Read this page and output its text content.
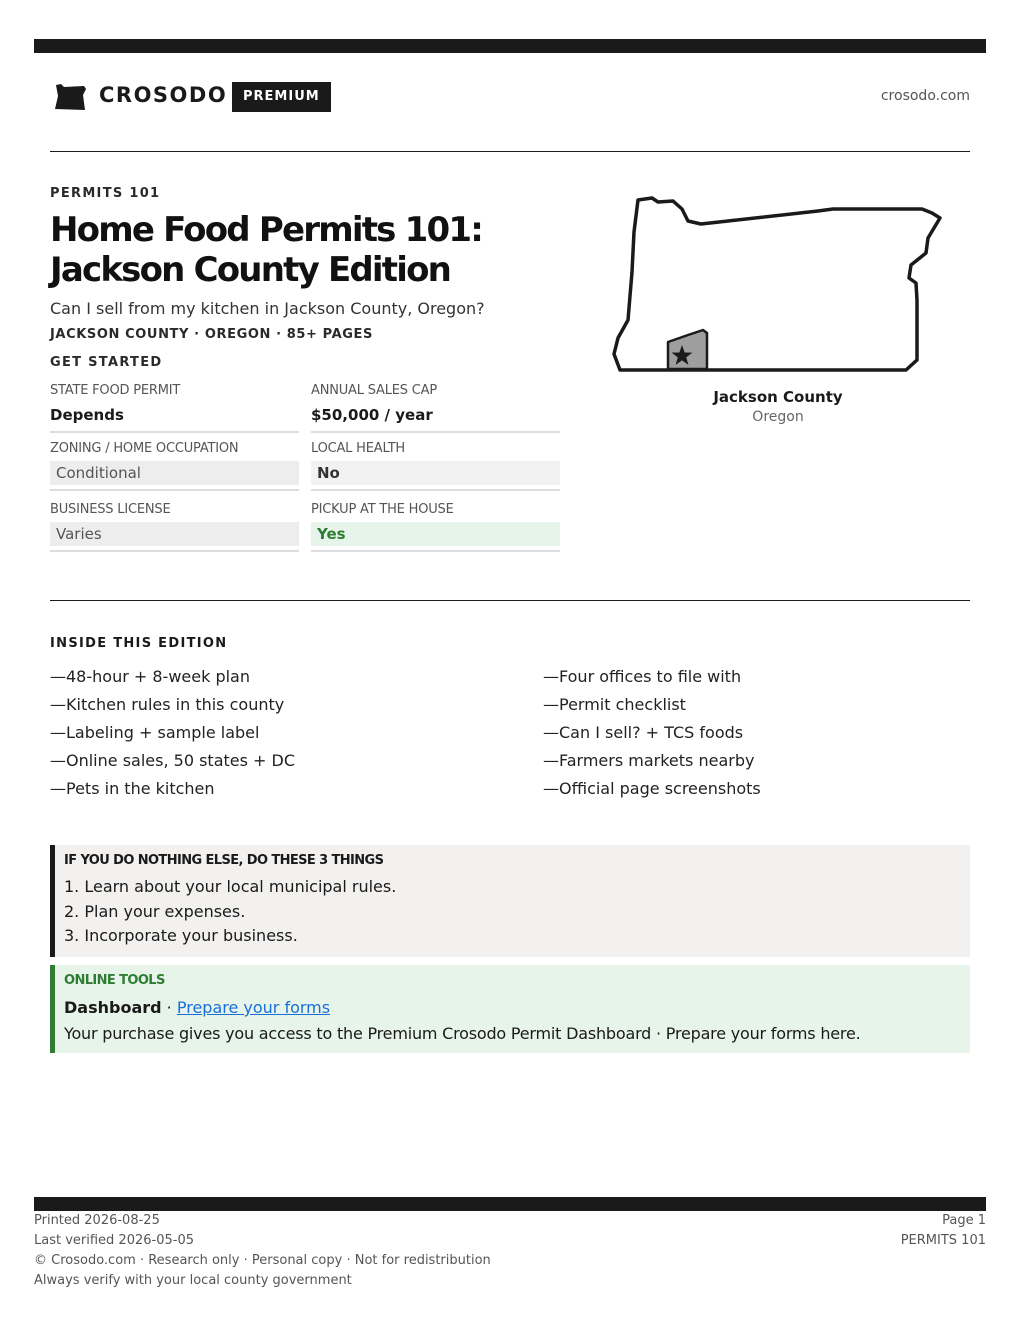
CROSODO	PREMIUM	crosodo.com
PERMITS 101
Home Food Permits 101: Jackson County Edition
Can I sell from my kitchen in Jackson County, Oregon?
JACKSON COUNTY · OREGON · 85+ PAGES
GET STARTED
STATE FOOD PERMIT
Depends
ANNUAL SALES CAP
$50,000 / year
ZONING / HOME OCCUPATION
Conditional
LOCAL HEALTH
No
BUSINESS LICENSE
Varies
PICKUP AT THE HOUSE
Yes
Jackson County
Oregon
INSIDE THIS EDITION
—48-hour + 8-week plan
—Kitchen rules in this county
—Labeling + sample label
—Online sales, 50 states + DC
—Pets in the kitchen
—Four offices to file with
—Permit checklist
—Can I sell? + TCS foods
—Farmers markets nearby
—Official page screenshots
IF YOU DO NOTHING ELSE, DO THESE 3 THINGS
1. Learn about your local municipal rules.
2. Plan your expenses.
3. Incorporate your business.
ONLINE TOOLS
Dashboard · Prepare your forms
Your purchase gives you access to the Premium Crosodo Permit Dashboard · Prepare your forms here.
Printed 2026-08-25
Last verified 2026-05-05
© Crosodo.com · Research only · Personal copy · Not for redistribution
Always verify with your local county government
Page 1
PERMITS 101
